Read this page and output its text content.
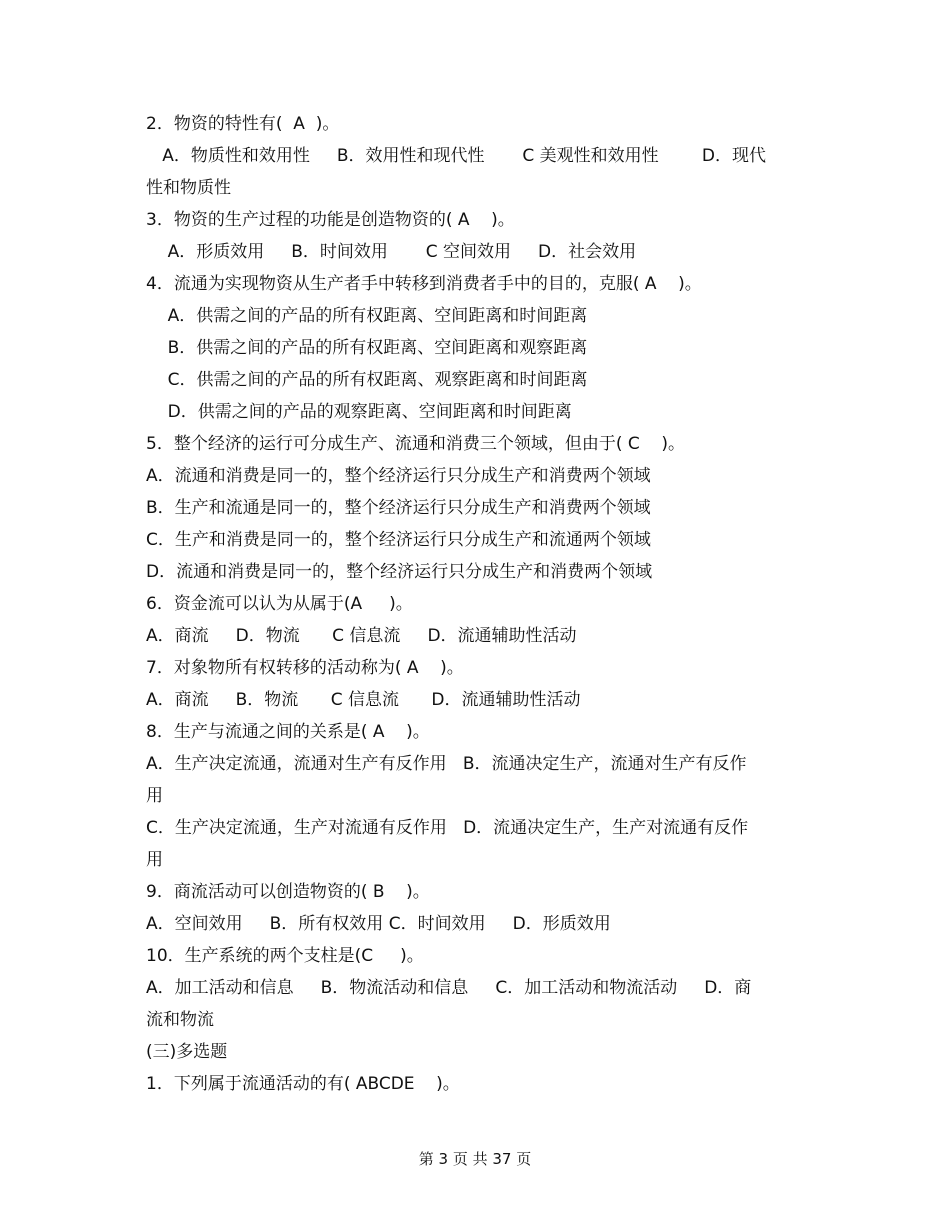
2．物资的特性有(  A  )。
A．物质性和效用性     B．效用性和现代性       C 美观性和效用性        D．现代
性和物质性
3．物资的生产过程的功能是创造物资的( A    )。
A．形质效用     B．时间效用       C 空间效用     D．社会效用
4．流通为实现物资从生产者手中转移到消费者手中的目的，克服( A    )。
A．供需之间的产品的所有权距离、空间距离和时间距离
B．供需之间的产品的所有权距离、空间距离和观察距离
C．供需之间的产品的所有权距离、观察距离和时间距离
D．供需之间的产品的观察距离、空间距离和时间距离
5．整个经济的运行可分成生产、流通和消费三个领域，但由于( C    )。
A．流通和消费是同一的，整个经济运行只分成生产和消费两个领域
B．生产和流通是同一的，整个经济运行只分成生产和消费两个领域
C．生产和消费是同一的，整个经济运行只分成生产和流通两个领域
D．流通和消费是同一的，整个经济运行只分成生产和消费两个领域
6．资金流可以认为从属于(A     )。
A．商流     D．物流      C 信息流     D．流通辅助性活动
7．对象物所有权转移的活动称为( A    )。
A．商流     B．物流      C 信息流      D．流通辅助性活动
8．生产与流通之间的关系是( A    )。
A．生产决定流通，流通对生产有反作用   B．流通决定生产，流通对生产有反作
用
C．生产决定流通，生产对流通有反作用   D．流通决定生产，生产对流通有反作
用
9．商流活动可以创造物资的( B    )。
A．空间效用     B．所有权效用 C．时间效用     D．形质效用
10．生产系统的两个支柱是(C     )。
A．加工活动和信息     B．物流活动和信息     C．加工活动和物流活动     D．商
流和物流
(三)多选题
1．下列属于流通活动的有( ABCDE    )。
第 3 页 共 37 页
